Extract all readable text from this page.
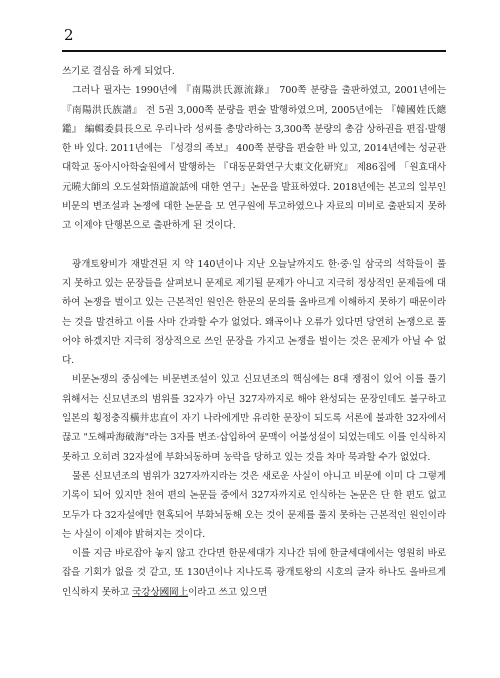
2

쓰기로 결심을 하게 되었다.

그러나 필자는 1990년에 『南陽洪氏源流錄』 700쪽 분량을 출판하였고, 2001년에는 『南陽洪氏族譜』 전 5권 3,000쪽 분량을 편술 발행하였으며, 2005년에는 『韓國姓氏總鑑』 編輯委員長으로 우리나라 성씨를 총망라하는 3,300쪽 분량의 총감 상하권을 편집·발행한 바 있다. 2011년에는 『성경의 족보』 400쪽 분량을 편술한 바 있고, 2014년에는 성균관대학교 동아시아학술원에서 발행하는 『대동문화연구大東文化研究』 제86집에 「원효대사元曉大師의 오도설화悟道說話에 대한 연구」논문을 발표하였다. 2018년에는 본고의 일부인 비문의 변조설과 논쟁에 대한 논문을 모 연구원에 투고하였으나 자료의 미비로 출판되지 못하고 이제야 단행본으로 출판하게 된 것이다.

광개토왕비가 재발견된 지 약 140년이나 지난 오늘날까지도 한·중·일 삼국의 석학들이 풀지 못하고 있는 문장들을 살펴보니 문제로 제기될 문제가 아니고 지극히 정상적인 문제들에 대하여 논쟁을 벌이고 있는 근본적인 원인은 한문의 문의를 올바르게 이해하지 못하기 때문이라는 것을 발견하고 이를 사마 간과할 수가 없었다. 왜곡이나 오류가 있다면 당연히 논쟁으로 풀어야 하겠지만 지극히 정상적으로 쓰인 문장을 가지고 논쟁을 벌이는 것은 문제가 아닐 수 없다.

비문논쟁의 중심에는 비문변조설이 있고 신묘년조의 핵심에는 8대 쟁점이 있어 이를 풀기 위해서는 신묘년조의 범위를 32자가 아닌 327자까지로 해야 완성되는 문장인데도 불구하고 일본의 횡정충직橫井忠直이 자기 나라에게만 유리한 문장이 되도록 서론에 불과한 32자에서 끊고 "도해파海破海"라는 3자를 변조·삽입하여 문맥이 어불성설이 되었는데도 이를 인식하지 못하고 오히려 32자설에 부화뇌동하며 농락을 당하고 있는 것을 차마 묵과할 수가 없었다.

물론 신묘년조의 범위가 327자까지라는 것은 새로운 사실이 아니고 비문에 이미 다 그렇게 기록이 되어 있지만 천여 편의 논문들 중에서 327자까지로 인식하는 논문은 단 한 편도 없고 모두가 다 32자설에만 현혹되어 부화뇌동해 오는 것이 문제를 풀지 못하는 근본적인 원인이라는 사실이 이제야 밝혀지는 것이다.

이를 지금 바로잡아 놓지 않고 간다면 한문세대가 지나간 뒤에 한글세대에서는 영원히 바로잡을 기회가 없을 것 같고, 또 130년이나 지나도록 광개토왕의 시호의 글자 하나도 올바르게 인식하지 못하고 국강상國岡上이라고 쓰고 있으면
